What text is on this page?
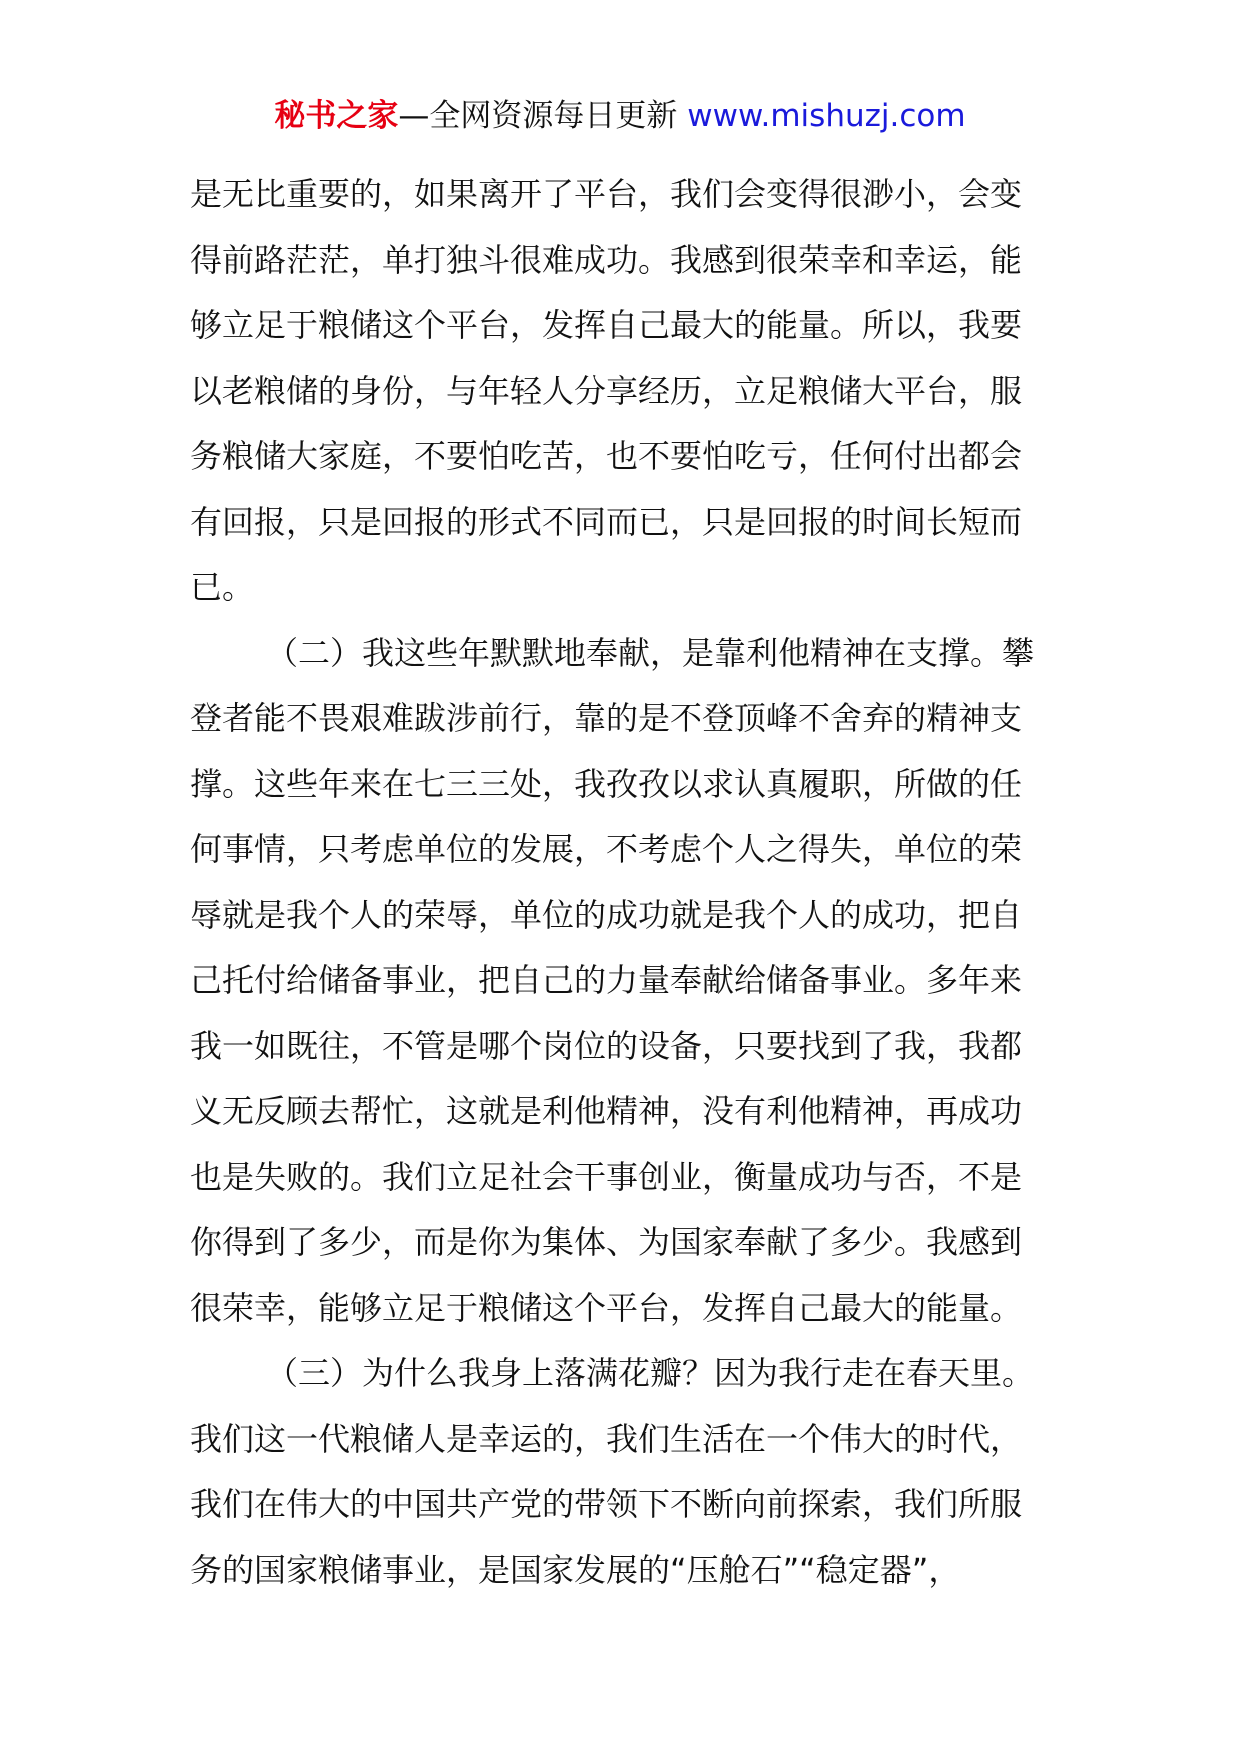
秘书之家—全网资源每日更新 www.mishuzj.com
是无比重要的，如果离开了平台，我们会变得很渺小，会变
得前路茫茫，单打独斗很难成功。我感到很荣幸和幸运，能
够立足于粮储这个平台，发挥自己最大的能量。所以，我要
以老粮储的身份，与年轻人分享经历，立足粮储大平台，服
务粮储大家庭，不要怕吃苦，也不要怕吃亏，任何付出都会
有回报，只是回报的形式不同而已，只是回报的时间长短而
已。
（二）我这些年默默地奉献，是靠利他精神在支撑。攀
登者能不畏艰难跋涉前行，靠的是不登顶峰不舍弃的精神支
撑。这些年来在七三三处，我孜孜以求认真履职，所做的任
何事情，只考虑单位的发展，不考虑个人之得失，单位的荣
辱就是我个人的荣辱，单位的成功就是我个人的成功，把自
己托付给储备事业，把自己的力量奉献给储备事业。多年来
我一如既往，不管是哪个岗位的设备，只要找到了我，我都
义无反顾去帮忙，这就是利他精神，没有利他精神，再成功
也是失败的。我们立足社会干事创业，衡量成功与否，不是
你得到了多少，而是你为集体、为国家奉献了多少。我感到
很荣幸，能够立足于粮储这个平台，发挥自己最大的能量。
（三）为什么我身上落满花瓣？因为我行走在春天里。
我们这一代粮储人是幸运的，我们生活在一个伟大的时代，
我们在伟大的中国共产党的带领下不断向前探索，我们所服
务的国家粮储事业，是国家发展的“压舱石”“稳定器”，
